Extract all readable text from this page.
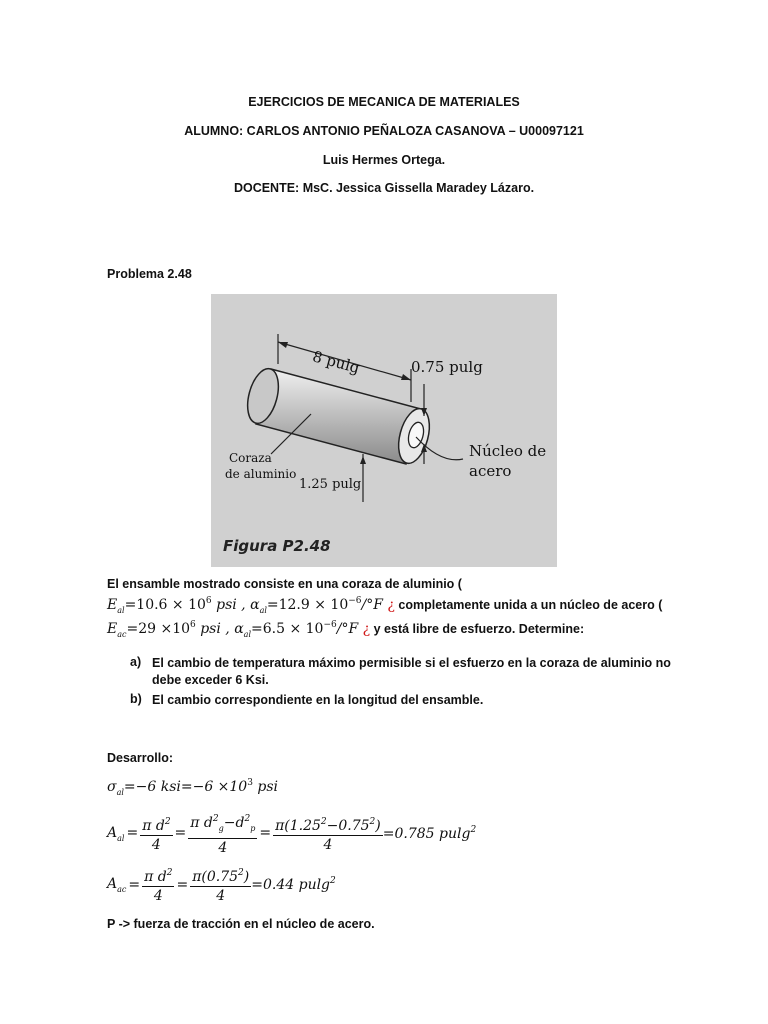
EJERCICIOS DE MECANICA DE MATERIALES
ALUMNO: CARLOS ANTONIO PEÑALOZA CASANOVA – U00097121
Luis Hermes Ortega.
DOCENTE: MsC. Jessica Gissella Maradey Lázaro.
Problema 2.48
8 pulg	0.75 pulg
1.25 pulg
Coraza
de aluminio
Núcleo de
acero
Figura P2.48
El ensamble mostrado consiste en una coraza de aluminio (
$E_{al}=10.6 \times 10^6$ psi , $\alpha_{al}=12.9 \times 10^{-6}/^\circ F$ ¿ completamente unida a un núcleo de acero (
$E_{ac}=29 \times 10^6$ psi , $\alpha_{al}=6.5 \times 10^{-6}/^\circ F$ ¿ y está libre de esfuerzo. Determine:
a) El cambio de temperatura máximo permisible si el esfuerzo en la coraza de aluminio no debe exceder 6 Ksi.
b) El cambio correspondiente en la longitud del ensamble.
Desarrollo:
$\sigma_{al}=-6$ $ksi=-6 \times 10^3$ psi
$A_{al} = \frac{\pi d^2}{4} = \frac{\pi d^2_g-d^2_p}{4} = \frac{\pi(1.25^2-0.75^2)}{4} =0.785$ pulg$^2$
$A_{ac} = \frac{\pi d^2}{4} = \frac{\pi(0.75^2)}{4} =0.44$ pulg$^2$
P -> fuerza de tracción en el núcleo de acero.
